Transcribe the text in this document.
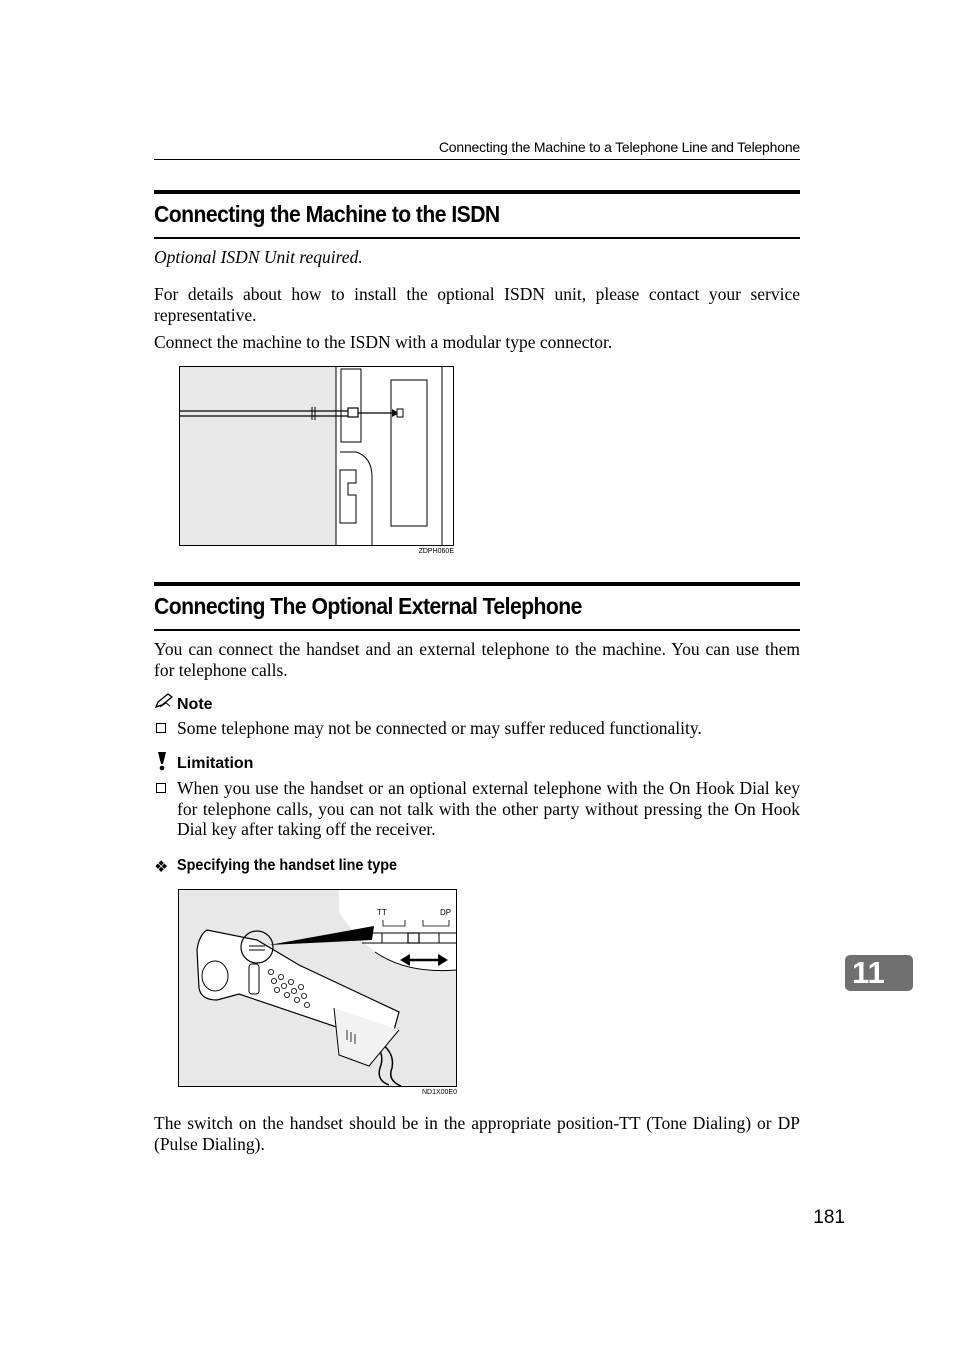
Connecting the Machine to a Telephone Line and Telephone
Connecting the Machine to the ISDN
Optional ISDN Unit required.
For details about how to install the optional ISDN unit, please contact your service representative.
Connect the machine to the ISDN with a modular type connector.
ZDPH060E
Connecting The Optional External Telephone
You can connect the handset and an external telephone to the machine. You can use them for telephone calls.
Note
Some telephone may not be connected or may suffer reduced functionality.
Limitation
When you use the handset or an optional external telephone with the On Hook Dial key for telephone calls, you can not talk with the other party without pressing the On Hook Dial key after taking off the receiver.
❖ Specifying the handset line type
TT	DP
ND1X00E0
The switch on the handset should be in the appropriate position-TT (Tone Dialing) or DP (Pulse Dialing).
11
181
